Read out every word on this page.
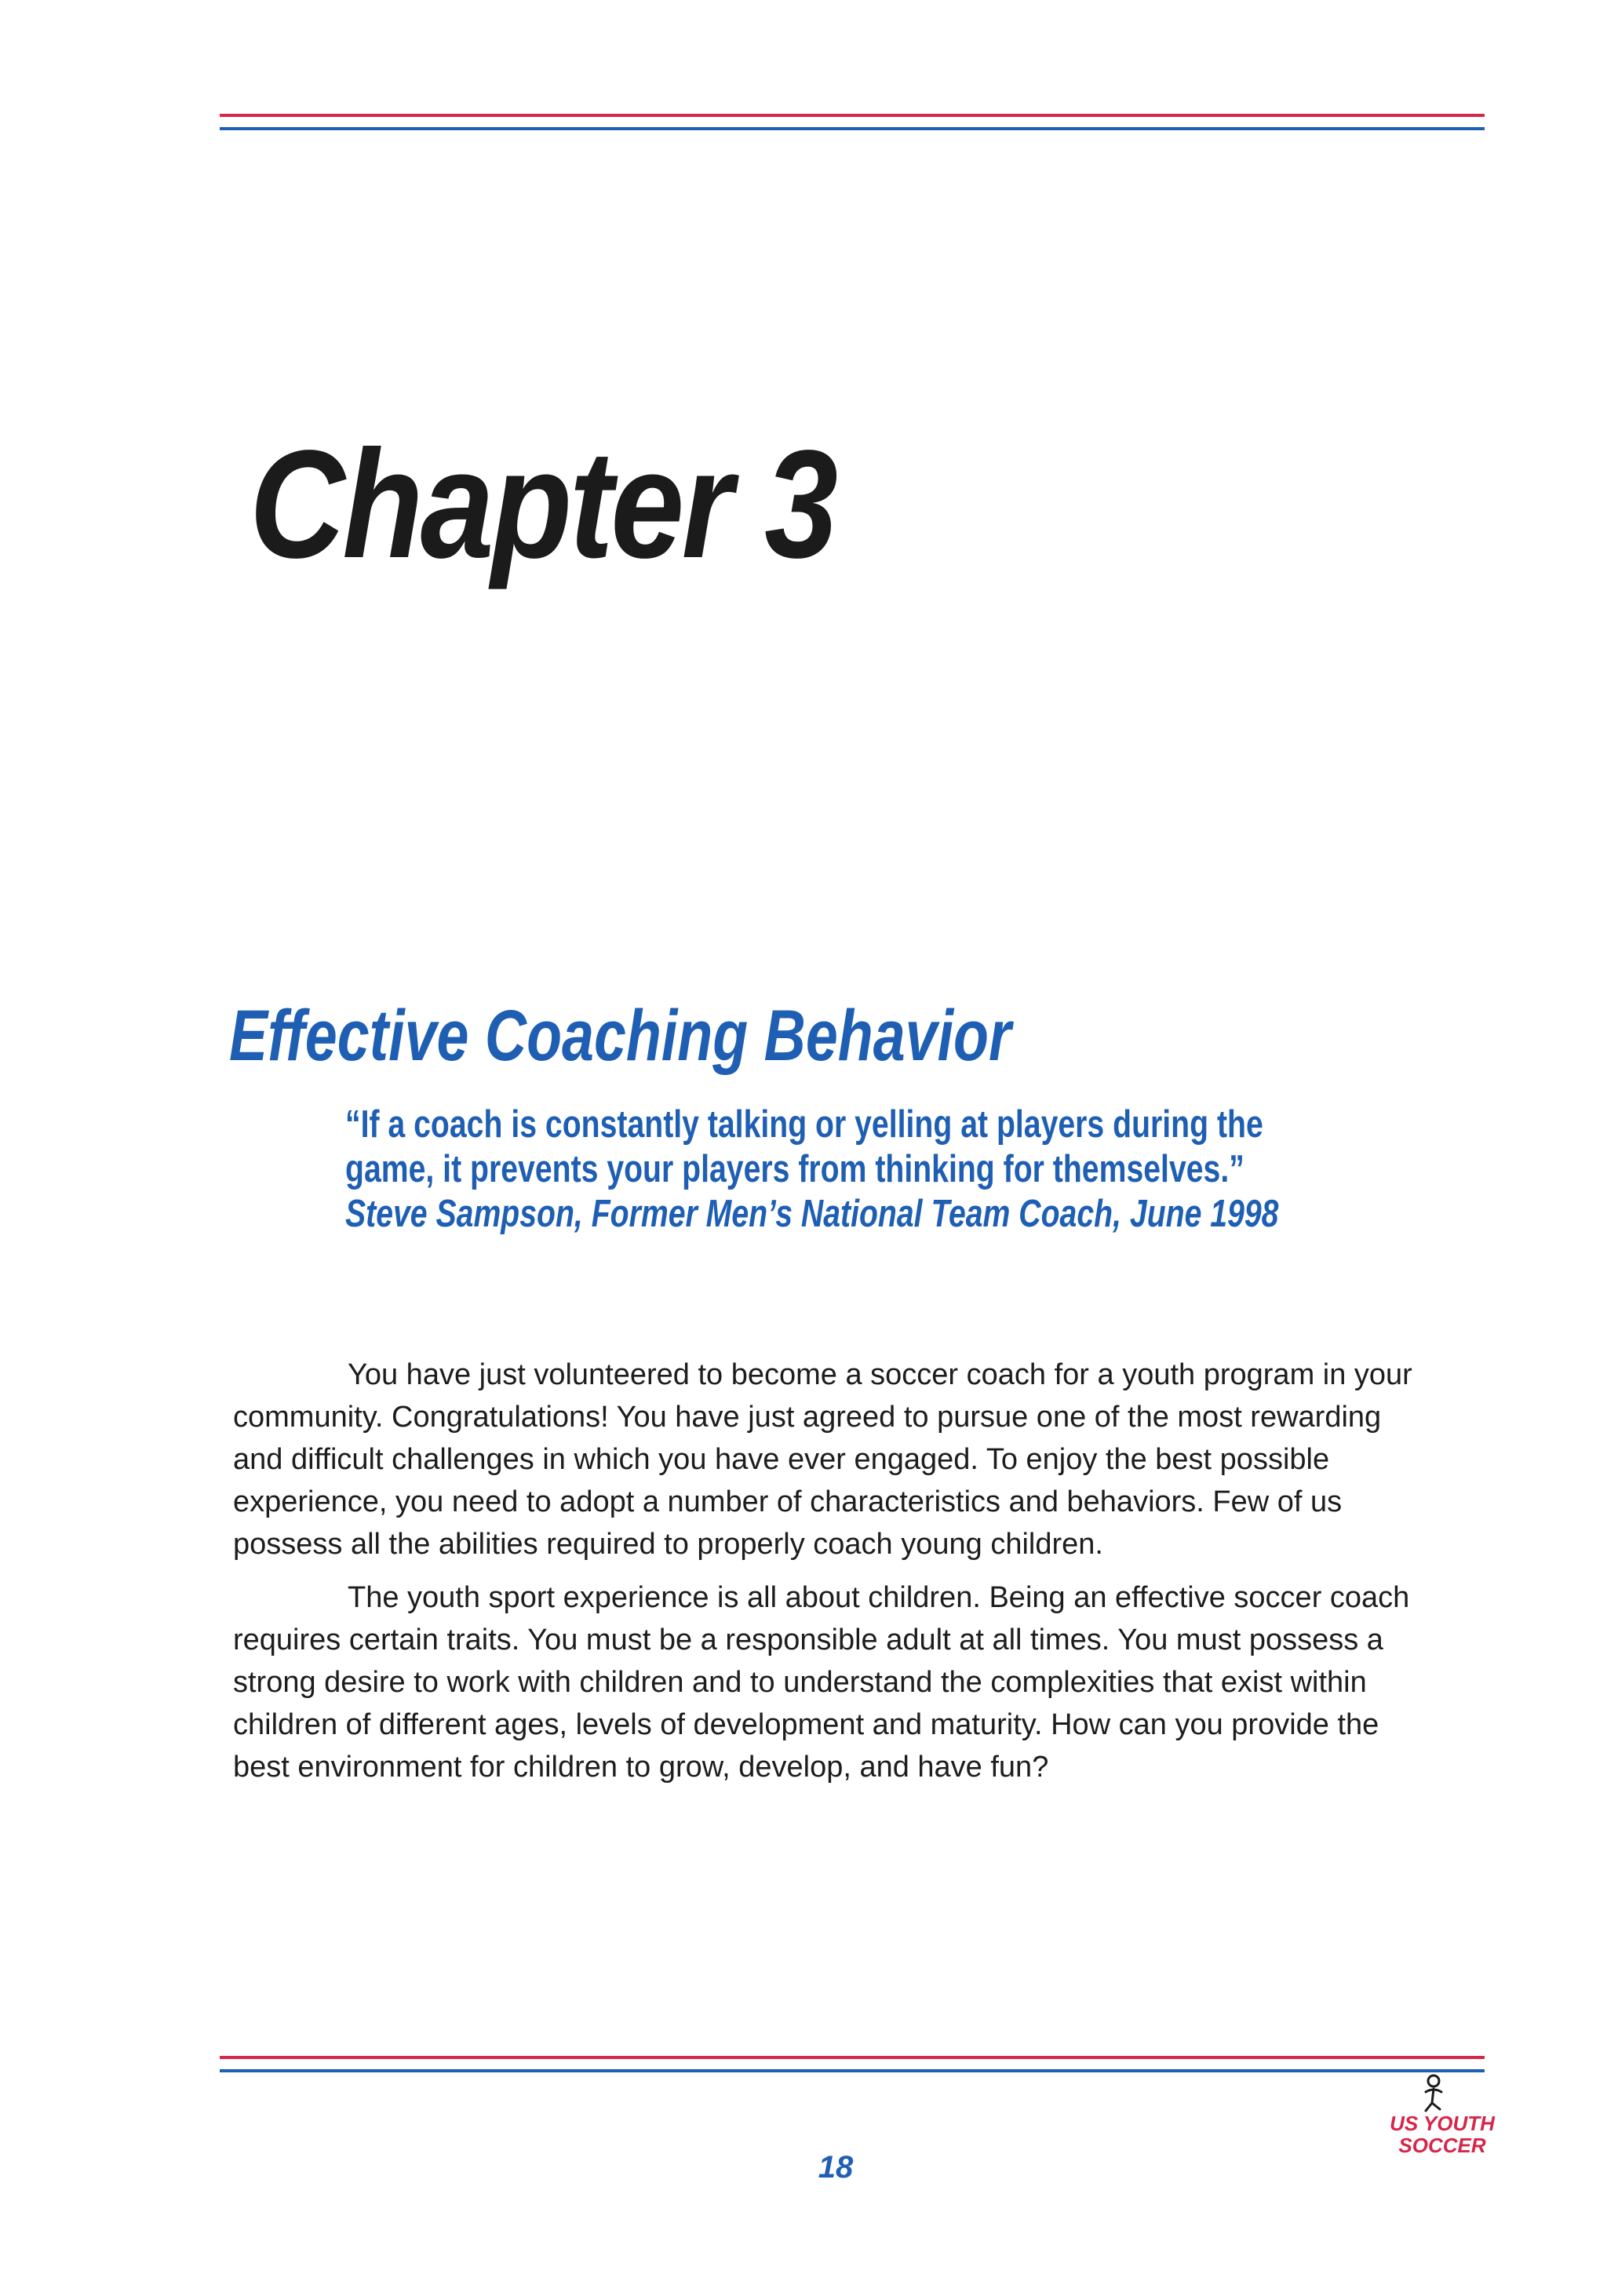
Chapter 3
Effective Coaching Behavior

“If a coach is constantly talking or yelling at players during the

game, it prevents your players from thinking for themselves.”

Steve Sampson, Former Men’s National Team Coach, June 1998

You have just volunteered to become a soccer coach for a youth program in your community. Congratulations! You have just agreed to pursue one of the most rewarding and difficult challenges in which you have ever engaged. To enjoy the best possible experience, you need to adopt a number of characteristics and behaviors. Few of us possess all the abilities required to properly coach young children.

The youth sport experience is all about children. Being an effective soccer coach requires certain traits. You must be a responsible adult at all times. You must possess a strong desire to work with children and to understand the complexities that exist within children of different ages, levels of development and maturity. How can you provide the best environment for children to grow, develop, and have fun?

18
US YOUTH SOCCER
